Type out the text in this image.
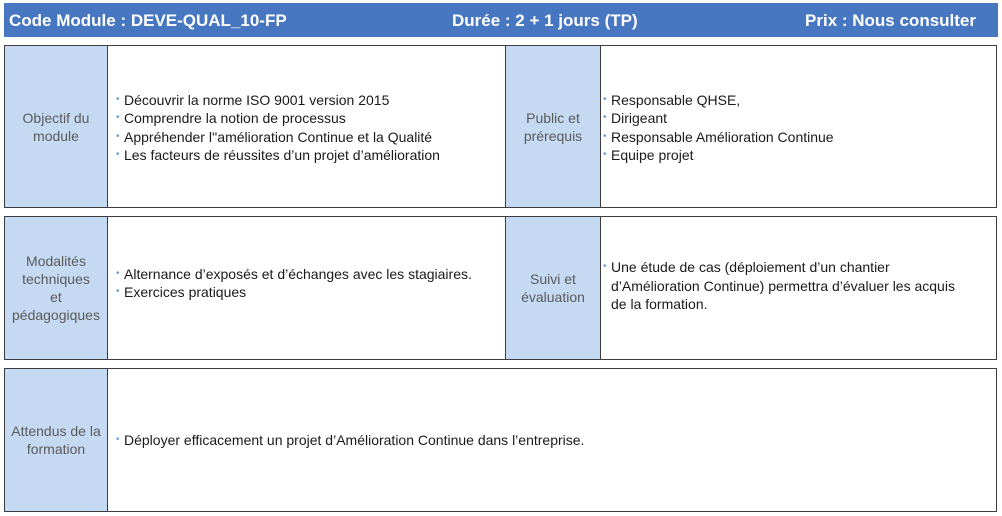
Code Module : DEVE-QUAL_10-FP	Durée : 2 + 1 jours (TP)	Prix : Nous consulter
Objectif du
module
• Découvrir la norme ISO 9001 version 2015
• Comprendre la notion de processus
• Appréhender l''amélioration Continue et la Qualité
• Les facteurs de réussites d’un projet d’amélioration
Public et
prérequis
• Responsable QHSE,
• Dirigeant
• Responsable Amélioration Continue
• Equipe projet
Modalités
techniques
et
pédagogiques
• Alternance d’exposés et d’échanges avec les stagiaires.
• Exercices pratiques
Suivi et
évaluation
• Une étude de cas (déploiement d’un chantier d’Amélioration Continue) permettra d’évaluer les acquis de la formation.
Attendus de la
formation
• Déployer efficacement un projet d’Amélioration Continue dans l’entreprise.
